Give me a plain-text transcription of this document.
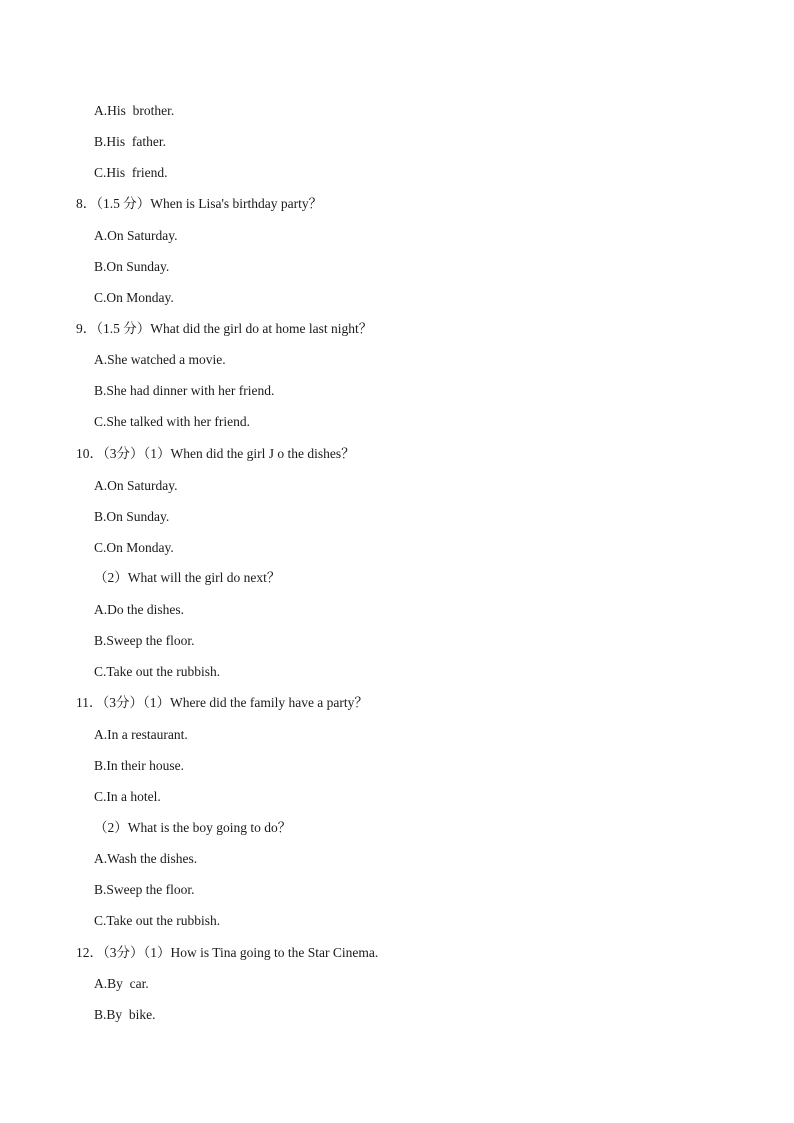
A.His  brother.
B.His  father.
C.His  friend.
8．（1.5 分）When is Lisa's birthday party？
A.On Saturday.
B.On Sunday.
C.On Monday.
9．（1.5 分）What did the girl do at home last night？
A.She watched a movie.
B.She had dinner with her friend.
C.She talked with her friend.
10．（3分）（1）When did the girl J o the dishes？
A.On Saturday.
B.On Sunday.
C.On Monday.
（2）What will the girl do next？
A.Do the dishes.
B.Sweep the floor.
C.Take out the rubbish.
11．（3分）（1）Where did the family have a party？
A.In a restaurant.
B.In their house.
C.In a hotel.
（2）What is the boy going to do？
A.Wash the dishes.
B.Sweep the floor.
C.Take out the rubbish.
12．（3分）（1）How is Tina going to the Star Cinema.
A.By  car.
B.By  bike.
